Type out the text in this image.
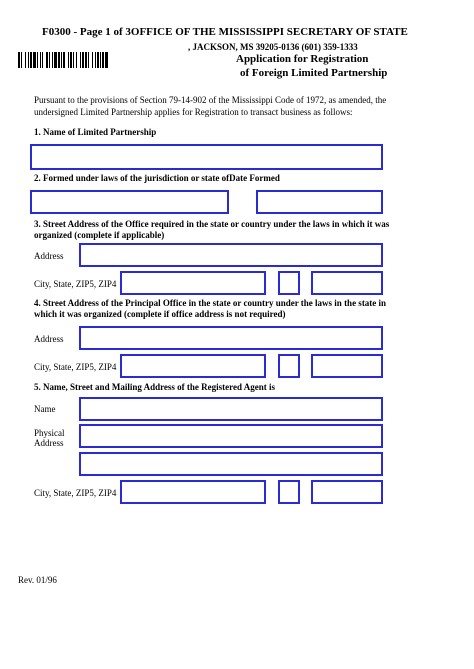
F0300 - Page 1 of 3OFFICE OF THE MISSISSIPPI SECRETARY OF STATE
, JACKSON, MS 39205-0136 (601) 359-1333
Application for Registration
of Foreign Limited Partnership
Pursuant to the provisions of Section 79-14-902 of the Mississippi Code of 1972, as amended, the
undersigned Limited Partnership applies for Registration to transact business as follows:
1. Name of Limited Partnership
2. Formed under laws of the jurisdiction or state ofDate Formed
3. Street Address of the Office required in the state or country under the laws in which it was
organized (complete if applicable)
Address
City, State, ZIP5, ZIP4
4. Street Address of the Principal Office in the state or country under the laws in the state in
which it was organized (complete if office address is not required)
Address
City, State, ZIP5, ZIP4
5. Name, Street and Mailing Address of the Registered Agent is
Name
Physical
Address
City, State, ZIP5, ZIP4
Rev. 01/96
